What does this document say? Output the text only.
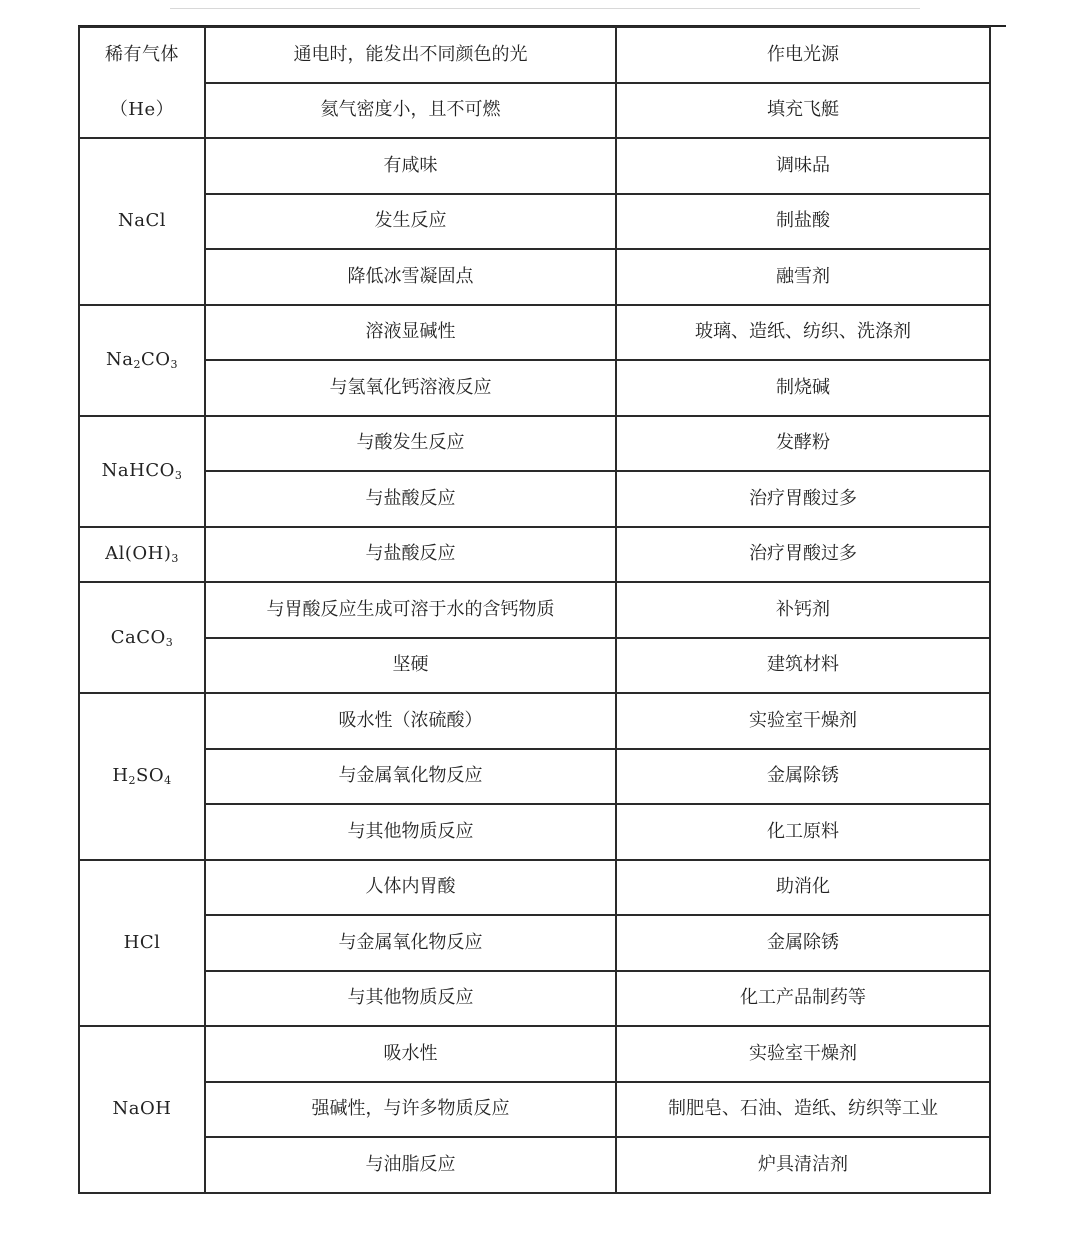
稀有气体	通电时，能发出不同颜色的光	作电光源
（He）	氦气密度小，且不可燃	填充飞艇
NaCl	有咸味	调味品
	发生反应	制盐酸
	降低冰雪凝固点	融雪剂
$Na_2CO_3$	溶液显碱性	玻璃、造纸、纺织、洗涤剂
	与氢氧化钙溶液反应	制烧碱
NaHCO$_3$	与酸发生反应	发酵粉
	与盐酸反应	治疗胃酸过多
$Al(OH)_3$	与盐酸反应	治疗胃酸过多
CaCO$_3$	与胃酸反应生成可溶于水的含钙物质	补钙剂
	坚硬	建筑材料
$H_2SO_4$	吸水性（浓硫酸）	实验室干燥剂
	与金属氧化物反应	金属除锈
	与其他物质反应	化工原料
HCl	人体内胃酸	助消化
	与金属氧化物反应	金属除锈
	与其他物质反应	化工产品制药等
NaOH	吸水性	实验室干燥剂
	强碱性，与许多物质反应	制肥皂、石油、造纸、纺织等工业
	与油脂反应	炉具清洁剂
